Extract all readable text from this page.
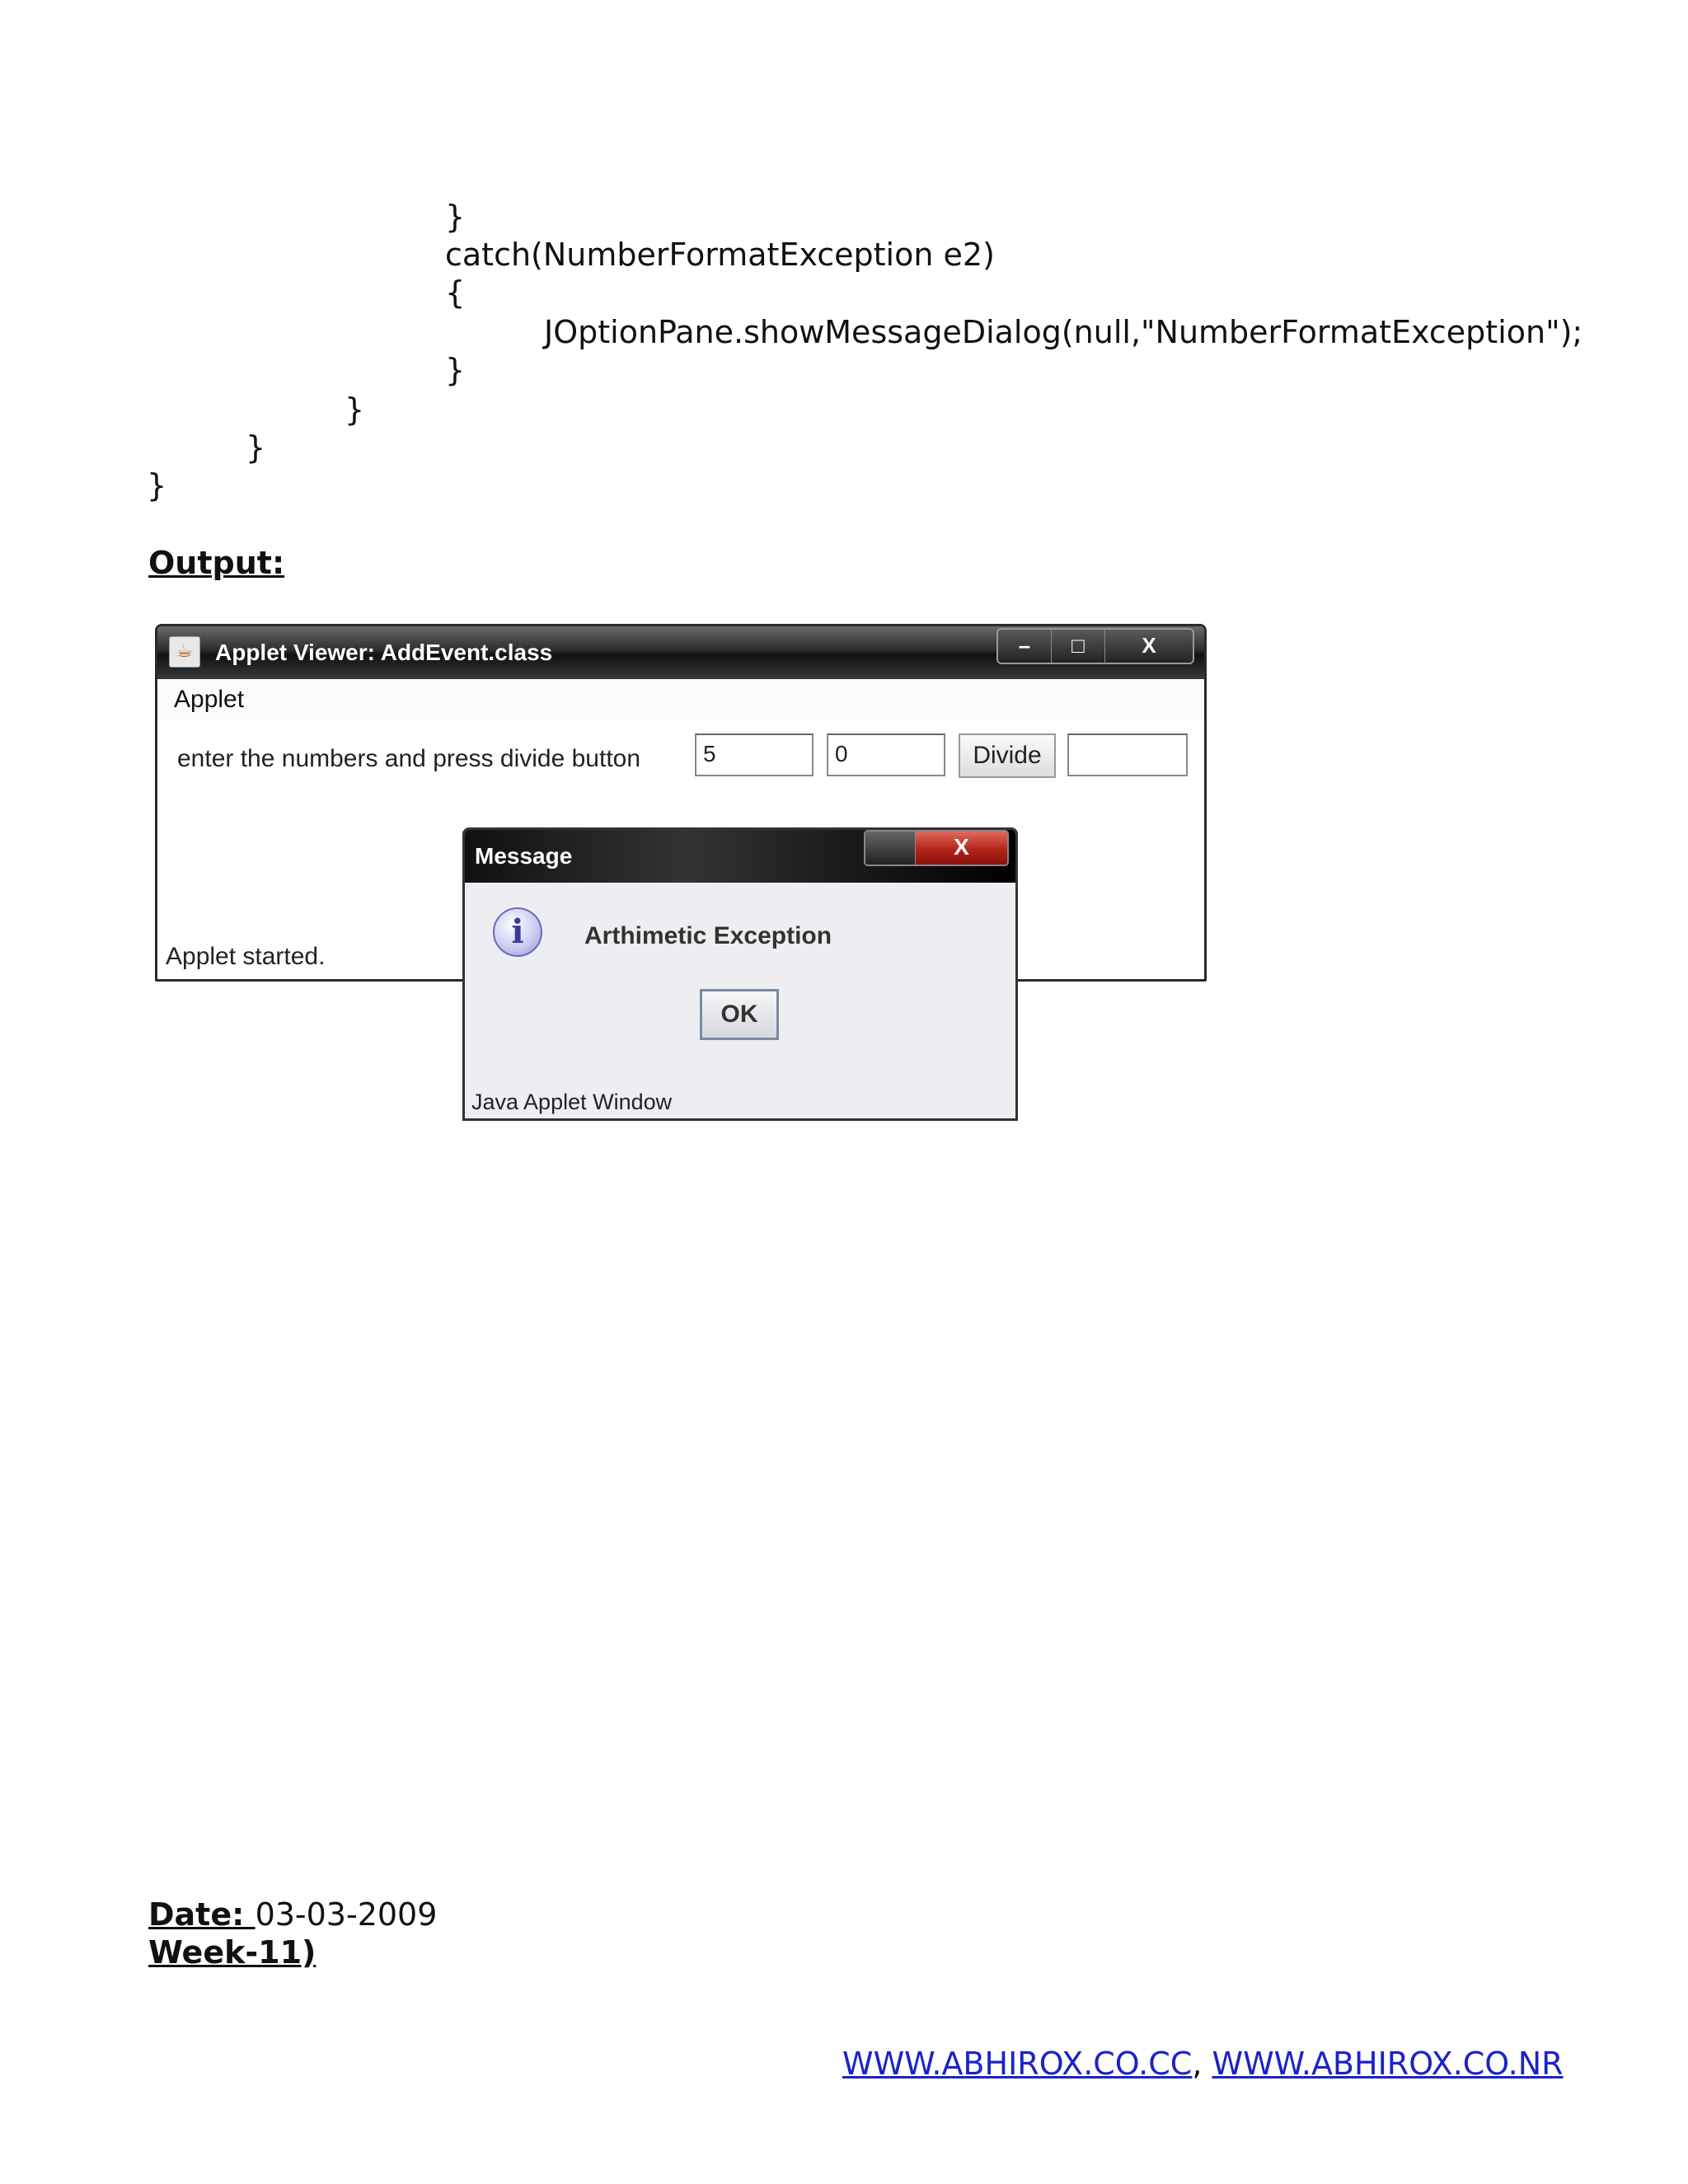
}
catch(NumberFormatException e2)
{
JOptionPane.showMessageDialog(null,"NumberFormatException");
}
}
}
}
Output:
☕ Applet Viewer: AddEvent.class	–	□	X
Applet
enter the numbers and press divide button	5	0	Divide
Applet started.
Message	X
i	Arthimetic Exception
OK
Java Applet Window
Date: 03-03-2009
Week-11)
WWW.ABHIROX.CO.CC, WWW.ABHIROX.CO.NR
